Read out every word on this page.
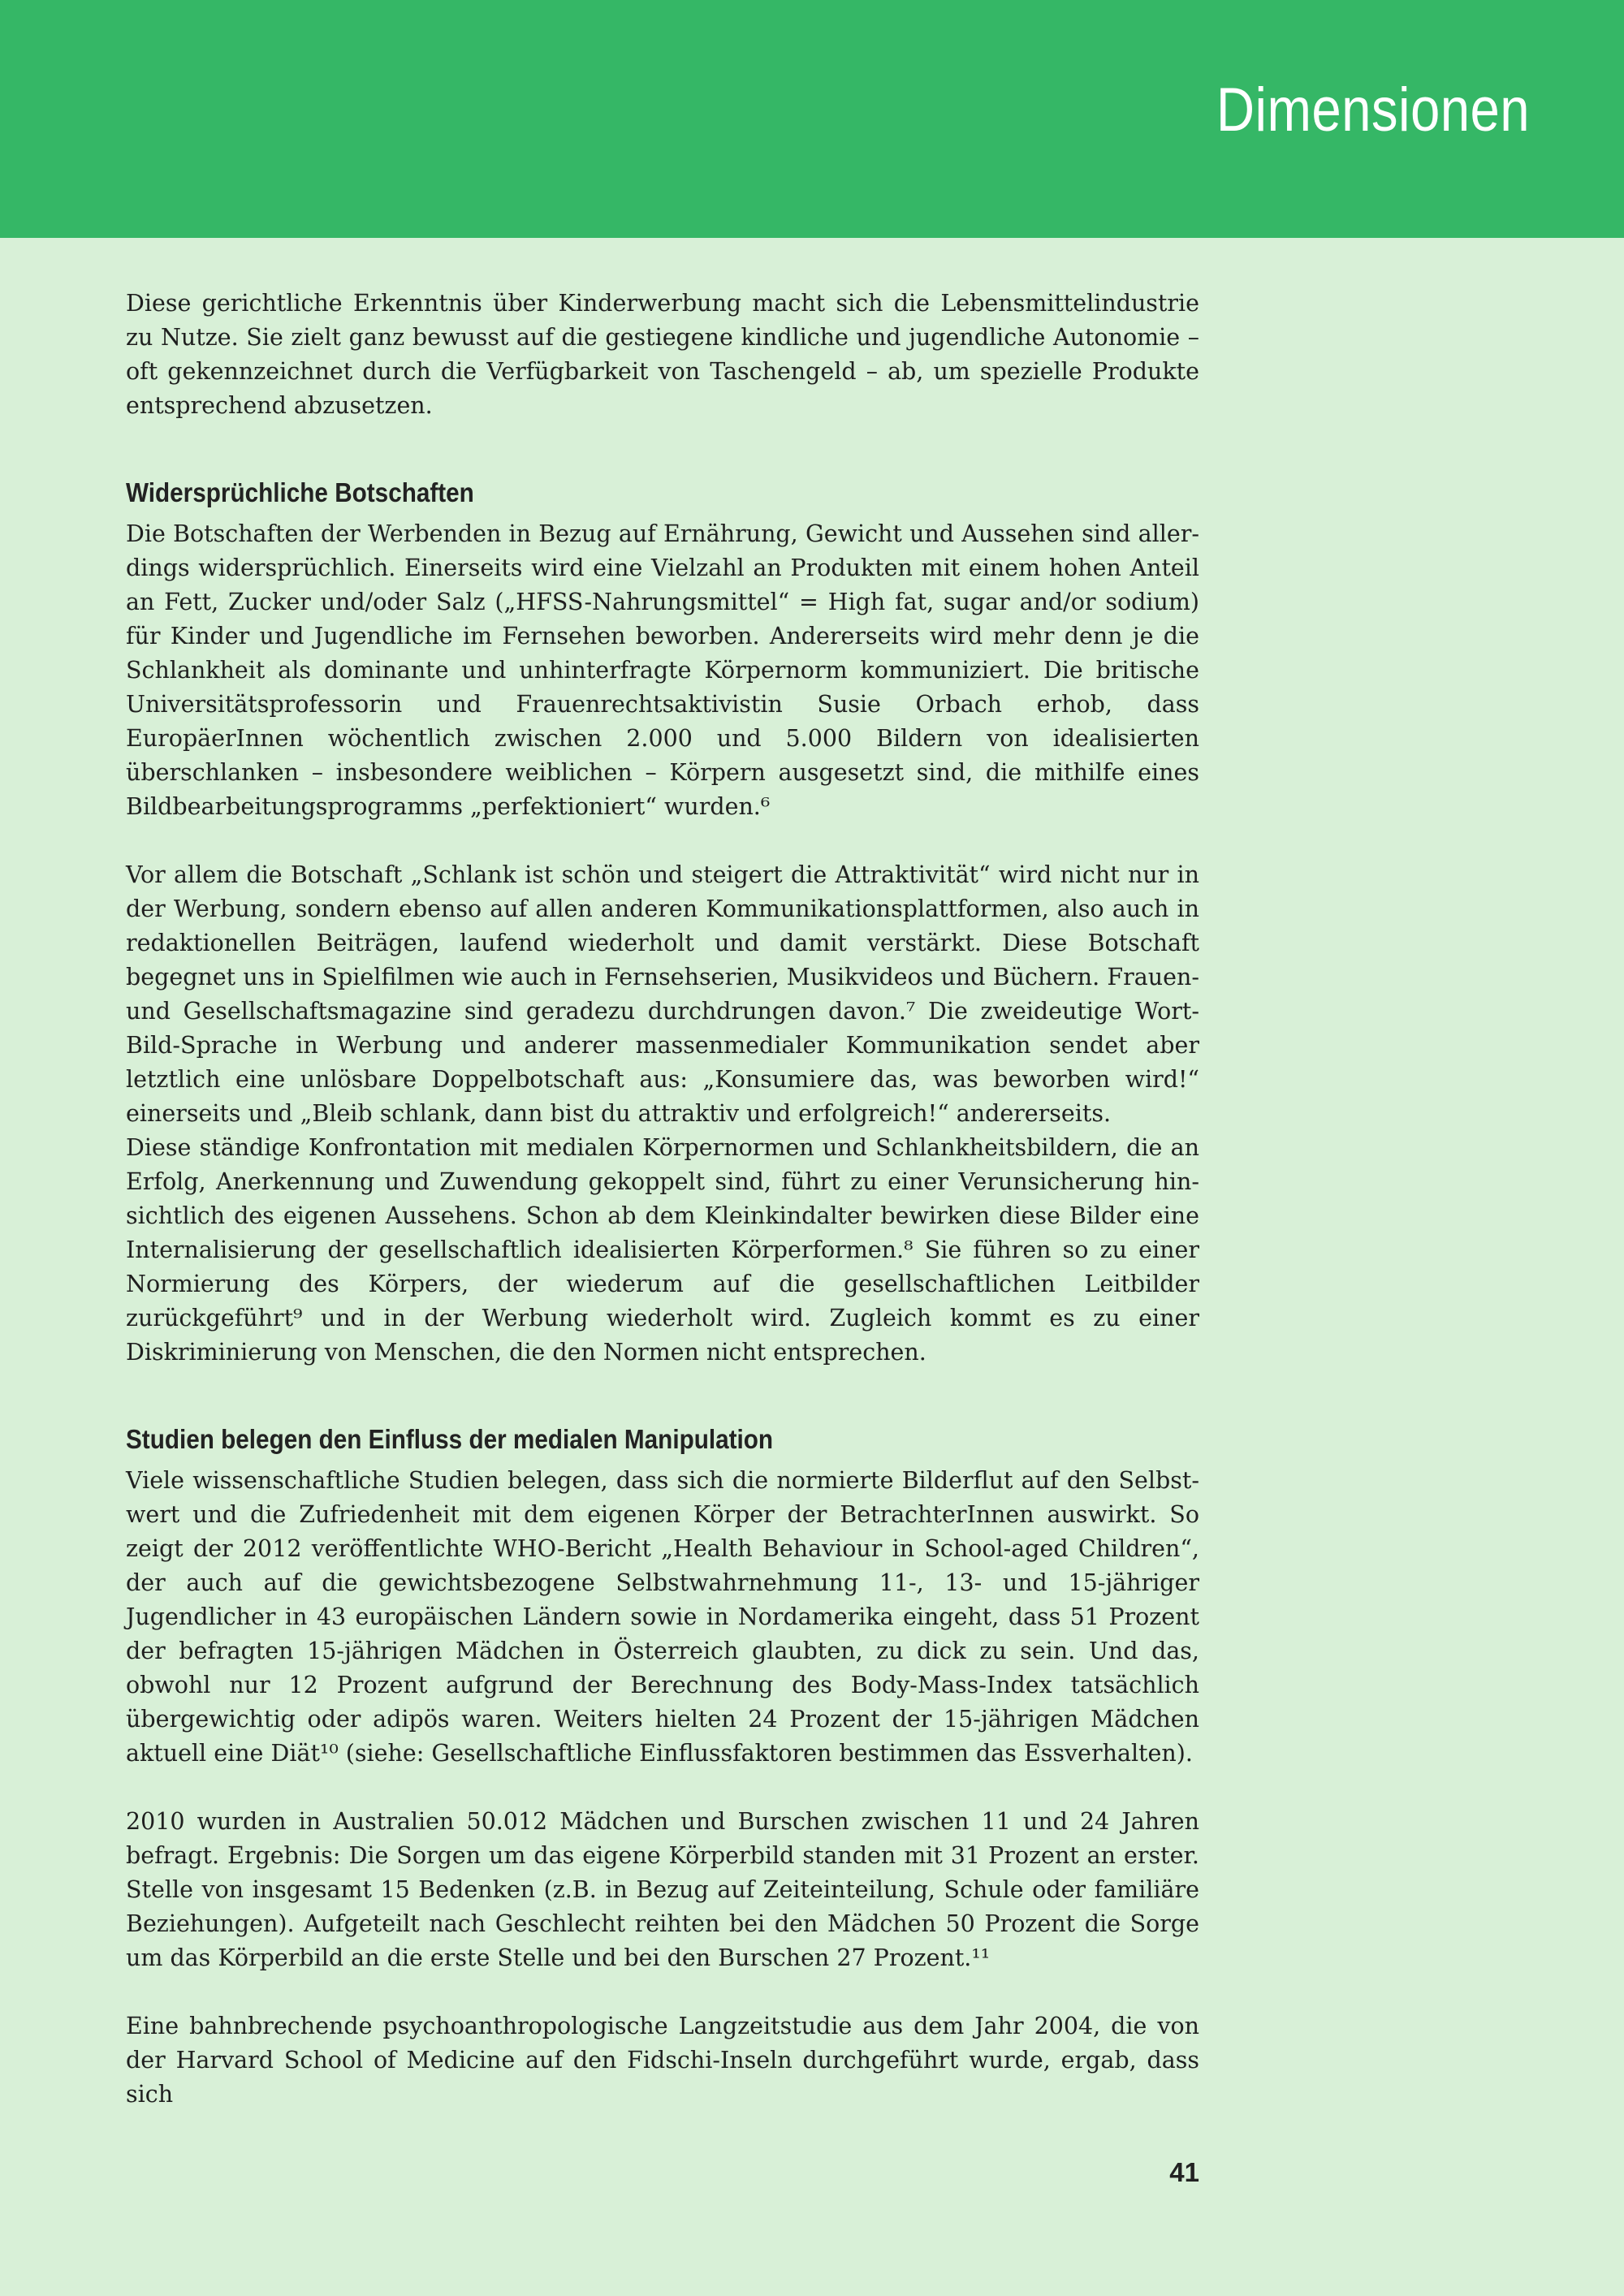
Dimensionen

Diese gerichtliche Erkenntnis über Kinderwerbung macht sich die Lebensmittelindustrie zu Nutze. Sie zielt ganz bewusst auf die gestiegene kindliche und jugendliche Autonomie – oft gekennzeichnet durch die Verfügbarkeit von Taschengeld – ab, um spezielle Produkte entsprechend abzusetzen.

Widersprüchliche Botschaften

Die Botschaften der Werbenden in Bezug auf Ernährung, Gewicht und Aussehen sind allerdings widersprüchlich. Einerseits wird eine Vielzahl an Produkten mit einem hohen Anteil an Fett, Zucker und/oder Salz („HFSS-Nahrungsmittel“ = High fat, sugar and/or sodium) für Kinder und Jugendliche im Fernsehen beworben. Andererseits wird mehr denn je die Schlankheit als dominante und unhinterfragte Körpernorm kommuniziert. Die britische Universitätsprofessorin und Frauenrechtsaktivistin Susie Orbach erhob, dass EuropäerInnen wöchentlich zwischen 2.000 und 5.000 Bildern von idealisierten überschlanken – insbesondere weiblichen – Körpern ausgesetzt sind, die mithilfe eines Bildbearbeitungsprogramms „perfektioniert“ wurden.⁶

Vor allem die Botschaft „Schlank ist schön und steigert die Attraktivität“ wird nicht nur in der Werbung, sondern ebenso auf allen anderen Kommunikationsplattformen, also auch in redaktionellen Beiträgen, laufend wiederholt und damit verstärkt. Diese Botschaft begegnet uns in Spielfilmen wie auch in Fernsehserien, Musikvideos und Büchern. Frauen- und Gesellschaftsmagazine sind geradezu durchdrungen davon.⁷ Die zweideutige Wort-Bild-Sprache in Werbung und anderer massenmedialer Kommunikation sendet aber letztlich eine unlösbare Doppelbotschaft aus: „Konsumiere das, was beworben wird!“ einerseits und „Bleib schlank, dann bist du attraktiv und erfolgreich!“ andererseits.

Diese ständige Konfrontation mit medialen Körpernormen und Schlankheitsbildern, die an Erfolg, Anerkennung und Zuwendung gekoppelt sind, führt zu einer Verunsicherung hinsichtlich des eigenen Aussehens. Schon ab dem Kleinkindalter bewirken diese Bilder eine Internalisierung der gesellschaftlich idealisierten Körperformen.⁸ Sie führen so zu einer Normierung des Körpers, der wiederum auf die gesellschaftlichen Leitbilder zurückgeführt⁹ und in der Werbung wiederholt wird. Zugleich kommt es zu einer Diskriminierung von Menschen, die den Normen nicht entsprechen.

Studien belegen den Einfluss der medialen Manipulation

Viele wissenschaftliche Studien belegen, dass sich die normierte Bilderflut auf den Selbstwert und die Zufriedenheit mit dem eigenen Körper der BetrachterInnen auswirkt. So zeigt der 2012 veröffentlichte WHO-Bericht „Health Behaviour in School-aged Children“, der auch auf die gewichtsbezogene Selbstwahrnehmung 11-, 13- und 15-jähriger Jugendlicher in 43 europäischen Ländern sowie in Nordamerika eingeht, dass 51 Prozent der befragten 15-jährigen Mädchen in Österreich glaubten, zu dick zu sein. Und das, obwohl nur 12 Prozent aufgrund der Berechnung des Body-Mass-Index tatsächlich übergewichtig oder adipös waren. Weiters hielten 24 Prozent der 15-jährigen Mädchen aktuell eine Diät¹⁰ (siehe: Gesellschaftliche Einflussfaktoren bestimmen das Essverhalten).

2010 wurden in Australien 50.012 Mädchen und Burschen zwischen 11 und 24 Jahren befragt. Ergebnis: Die Sorgen um das eigene Körperbild standen mit 31 Prozent an erster. Stelle von insgesamt 15 Bedenken (z.B. in Bezug auf Zeiteinteilung, Schule oder familiäre Beziehungen). Aufgeteilt nach Geschlecht reihten bei den Mädchen 50 Prozent die Sorge um das Körperbild an die erste Stelle und bei den Burschen 27 Prozent.¹¹

Eine bahnbrechende psychoanthropologische Langzeitstudie aus dem Jahr 2004, die von der Harvard School of Medicine auf den Fidschi-Inseln durchgeführt wurde, ergab, dass sich

41
